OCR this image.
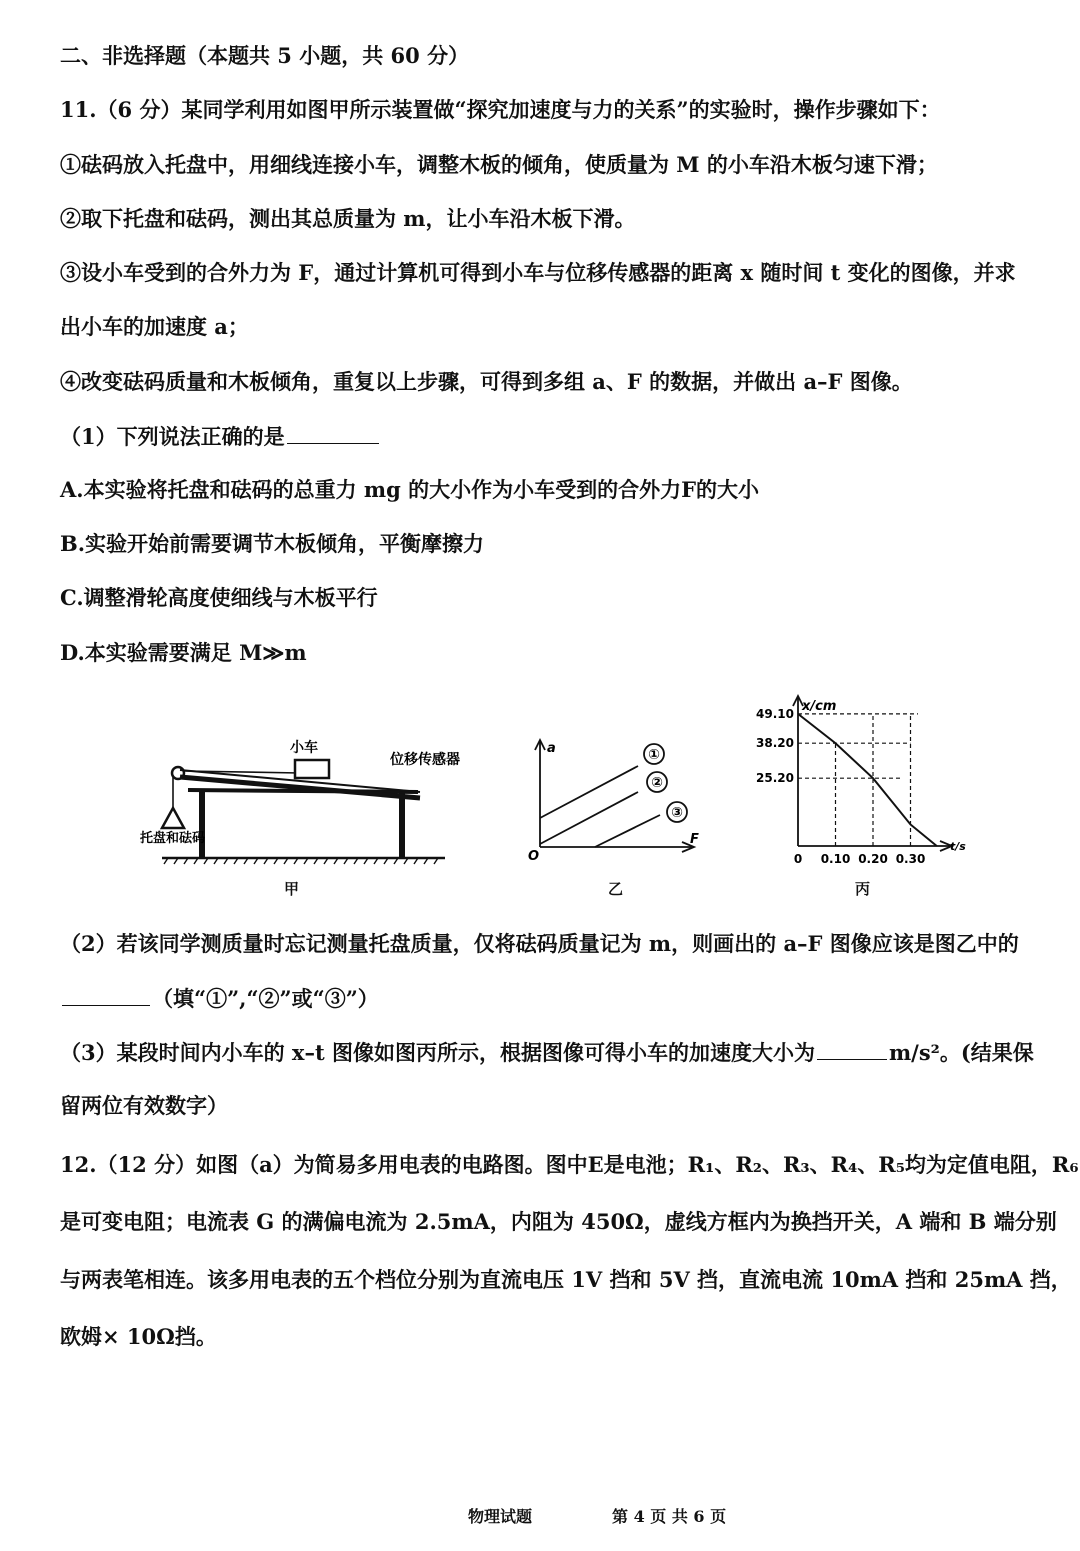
二、非选择题（本题共 5 小题，共 60 分）
11.（6 分）某同学利用如图甲所示装置做“探究加速度与力的关系”的实验时，操作步骤如下：
①砝码放入托盘中，用细线连接小车，调整木板的倾角，使质量为 M 的小车沿木板匀速下滑；
②取下托盘和砝码，测出其总质量为 m，让小车沿木板下滑。
③设小车受到的合外力为 F，通过计算机可得到小车与位移传感器的距离 x 随时间 t 变化的图像，并求
出小车的加速度 a；
④改变砝码质量和木板倾角，重复以上步骤，可得到多组 a、F 的数据，并做出 a–F 图像。
（1）下列说法正确的是
A.本实验将托盘和砝码的总重力 mg 的大小作为小车受到的合外力F的大小
B.实验开始前需要调节木板倾角，平衡摩擦力
C.调整滑轮高度使细线与木板平行
D.本实验需要满足 M≫m
小车
位移传感器
托盘和砝码
甲
a
F
O
①
②
③
乙
49.10
38.20
25.20
0 0.10 0.20 0.30
x/cm
t/s
丙
（2）若该同学测质量时忘记测量托盘质量，仅将砝码质量记为 m，则画出的 a–F 图像应该是图乙中的
（填“①”,“②”或“③”）
（3）某段时间内小车的 x–t 图像如图丙所示，根据图像可得小车的加速度大小为	m/s²。(结果保
留两位有效数字）
12.（12 分）如图（a）为简易多用电表的电路图。图中E是电池；R₁、R₂、R₃、R₄、R₅均为定值电阻，R₆
是可变电阻；电流表 G 的满偏电流为 2.5mA，内阻为 450Ω，虚线方框内为换挡开关，A 端和 B 端分别
与两表笔相连。该多用电表的五个档位分别为直流电压 1V 挡和 5V 挡，直流电流 10mA 挡和 25mA 挡，
欧姆× 10Ω挡。
物理试题	第 4 页 共 6 页
